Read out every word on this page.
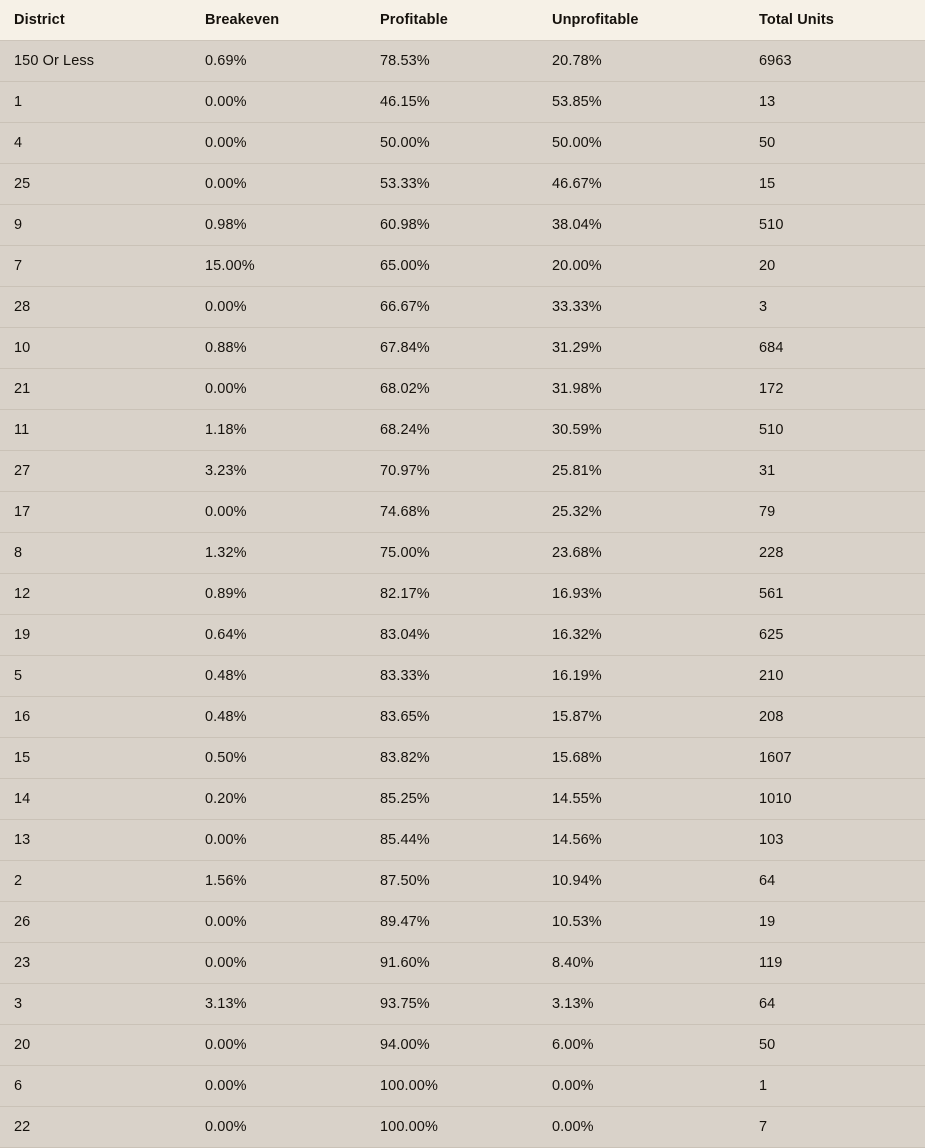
District	Breakeven	Profitable	Unprofitable	Total Units
150 Or Less	0.69%	78.53%	20.78%	6963
1	0.00%	46.15%	53.85%	13
4	0.00%	50.00%	50.00%	50
25	0.00%	53.33%	46.67%	15
9	0.98%	60.98%	38.04%	510
7	15.00%	65.00%	20.00%	20
28	0.00%	66.67%	33.33%	3
10	0.88%	67.84%	31.29%	684
21	0.00%	68.02%	31.98%	172
11	1.18%	68.24%	30.59%	510
27	3.23%	70.97%	25.81%	31
17	0.00%	74.68%	25.32%	79
8	1.32%	75.00%	23.68%	228
12	0.89%	82.17%	16.93%	561
19	0.64%	83.04%	16.32%	625
5	0.48%	83.33%	16.19%	210
16	0.48%	83.65%	15.87%	208
15	0.50%	83.82%	15.68%	1607
14	0.20%	85.25%	14.55%	1010
13	0.00%	85.44%	14.56%	103
2	1.56%	87.50%	10.94%	64
26	0.00%	89.47%	10.53%	19
23	0.00%	91.60%	8.40%	119
3	3.13%	93.75%	3.13%	64
20	0.00%	94.00%	6.00%	50
6	0.00%	100.00%	0.00%	1
22	0.00%	100.00%	0.00%	7
